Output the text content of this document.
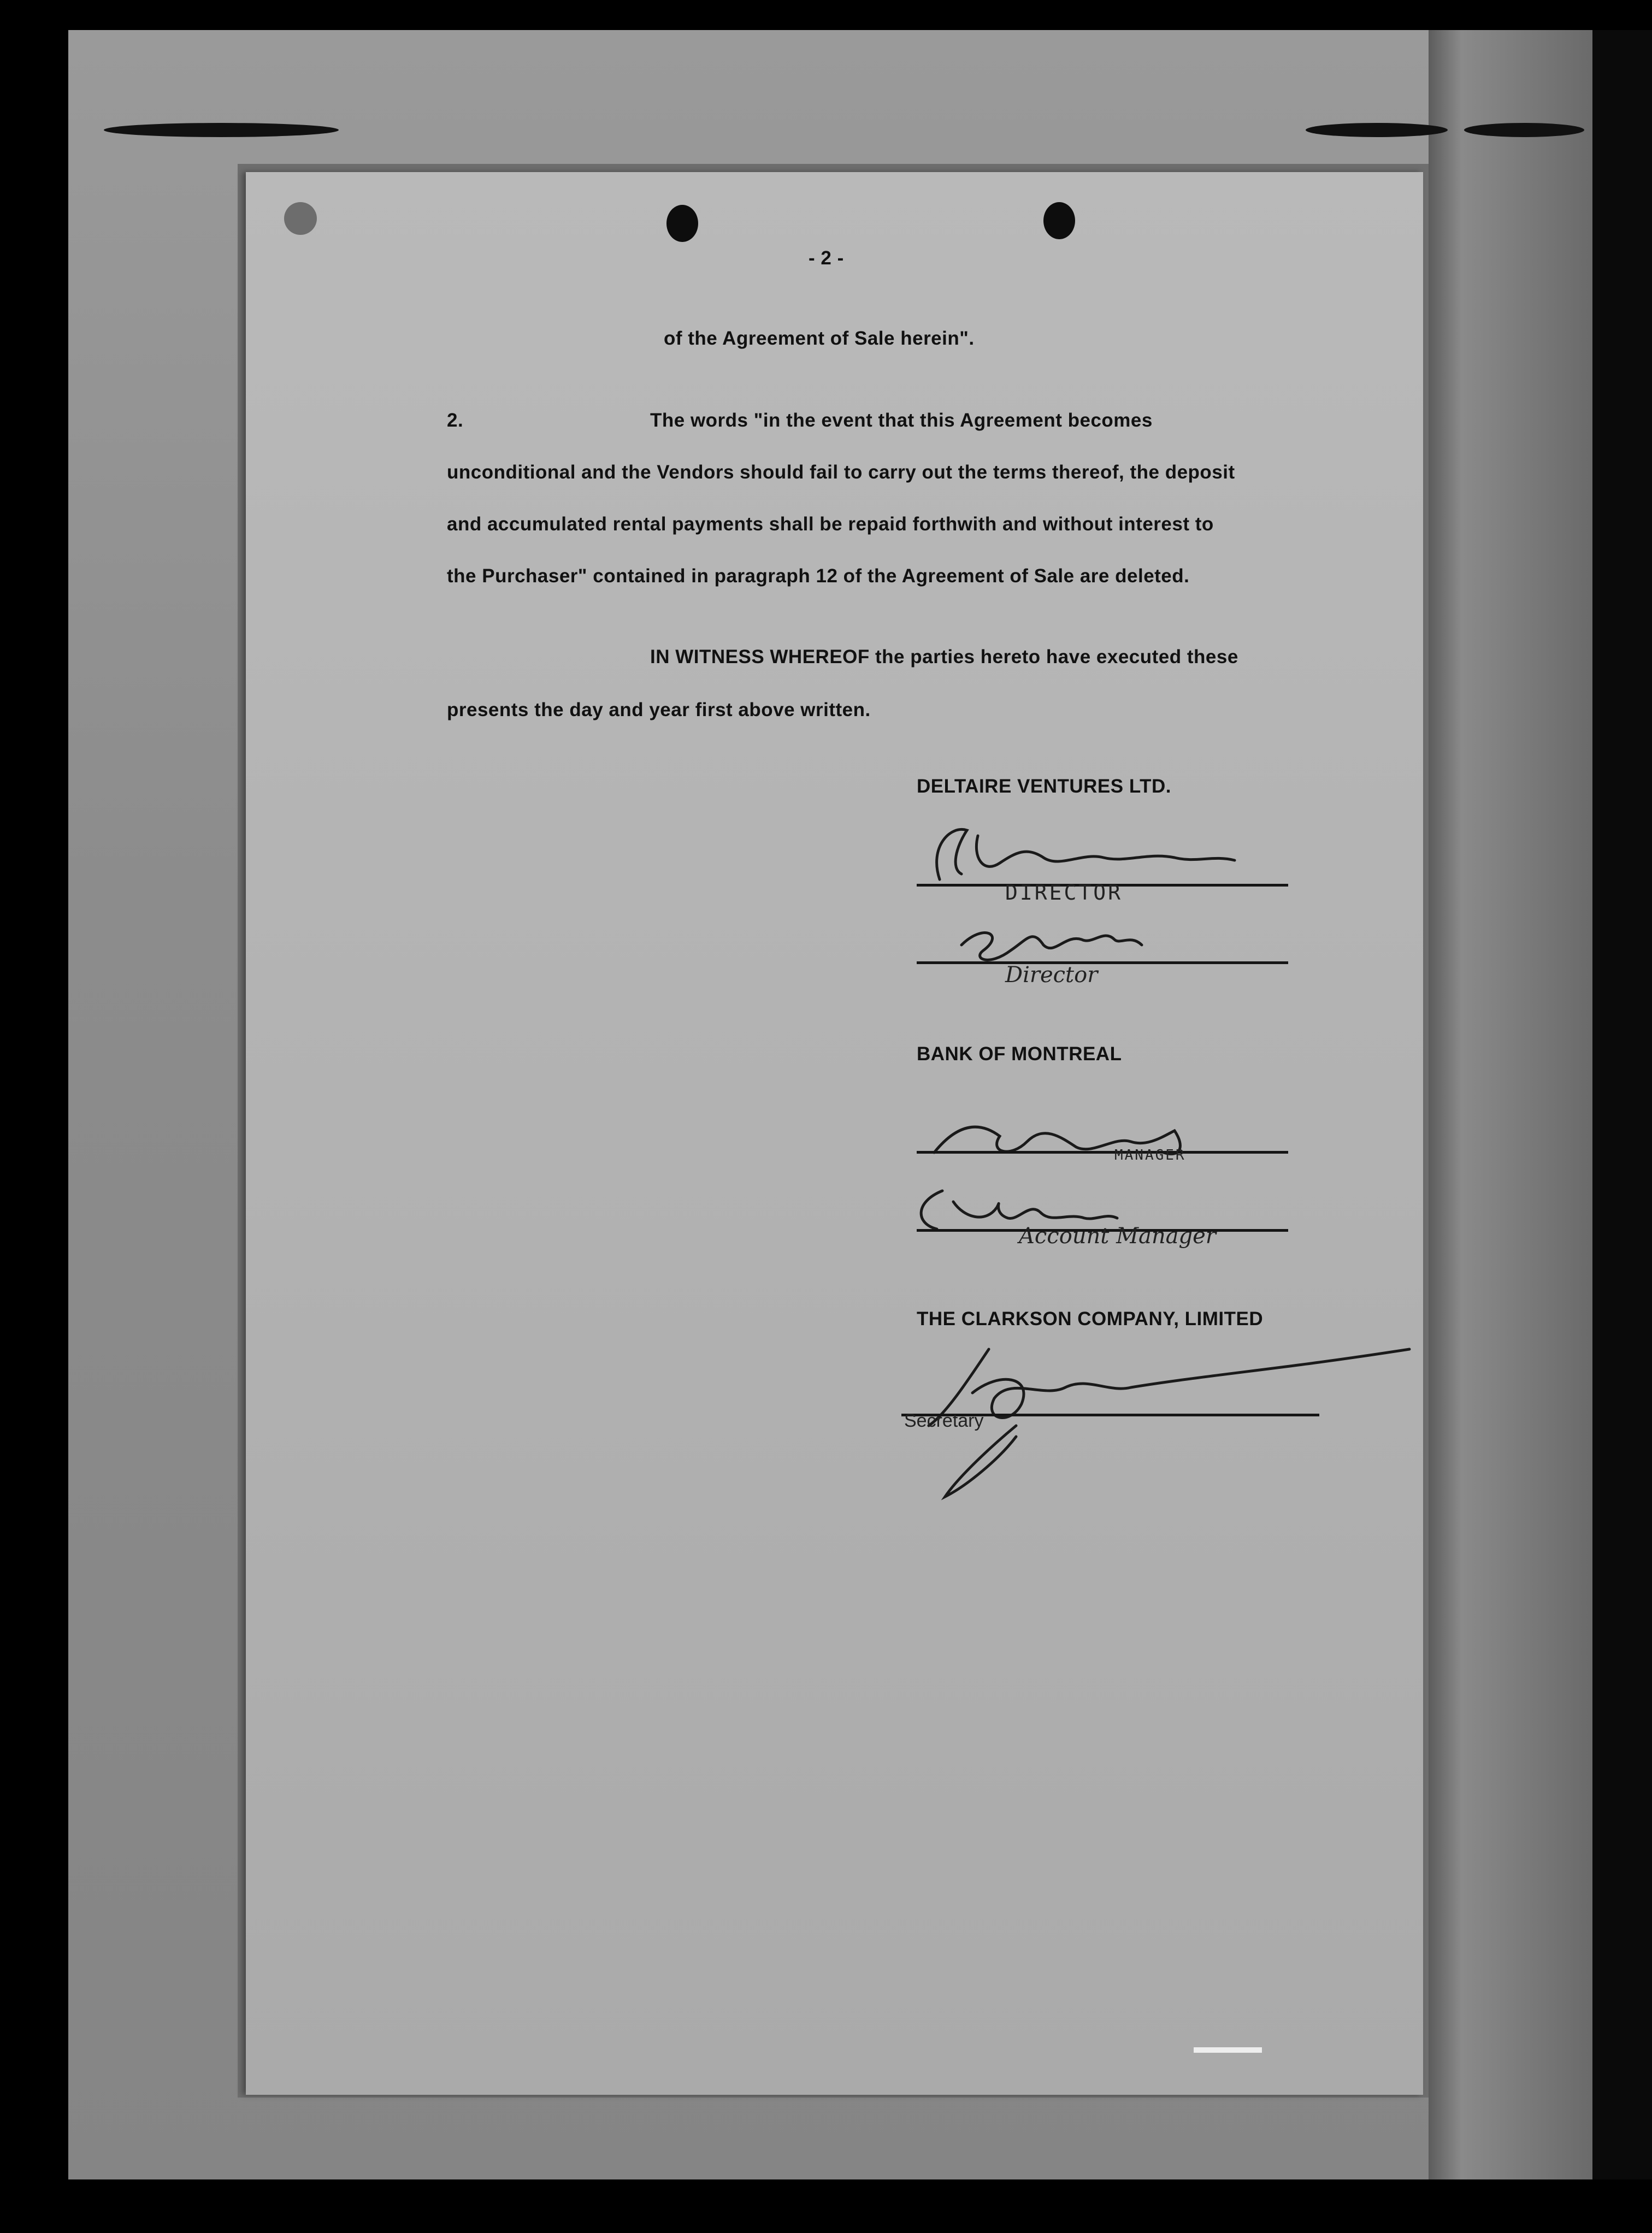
- 2 -
of the Agreement of Sale herein".
2.	The words "in the event that this Agreement becomes
unconditional and the Vendors should fail to carry out the terms thereof, the deposit
and accumulated rental payments shall be repaid forthwith and without interest to
the Purchaser" contained in paragraph 12 of the Agreement of Sale are deleted.
IN WITNESS WHEREOF the parties hereto have executed these
presents the day and year first above written.
DELTAIRE VENTURES LTD.
DIRECTOR
Director
BANK OF MONTREAL
MANAGER
Account Manager
THE CLARKSON COMPANY, LIMITED
Secretary
